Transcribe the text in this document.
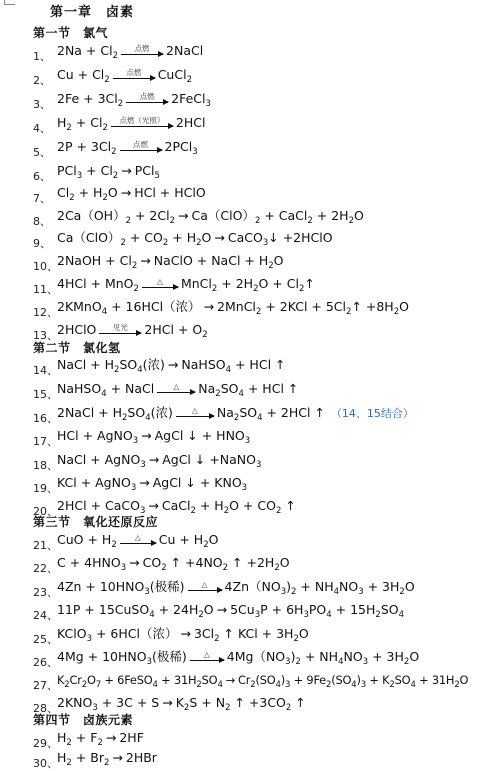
第一章　卤素
第一节　氯气
1、 $2Na + Cl_2$
点燃	2NaCl
2、 $Cu + Cl_2$
点燃	CuCl$_2$
3、 $2Fe + 3Cl_2$
点燃	2FeCl$_3$
4、 $H_2 + Cl_2$
点燃（光照） 2HCl
5、 $2P + 3Cl_2$
点燃	2PCl$_3$
6、 $PCl_3 + Cl_2 \to PCl_5$
7、 $Cl_2 + H_2O$ → HCl + HClO
8、 $2Ca(OH)_2 + 2Cl_2 \to Ca(ClO)_2$ + CaCl$_2$ + $2H_2O$
9、 $Ca(ClO)_2 + CO_2 + H_2O$ → CaCO$_3$↓ +2HClO
10、 2NaOH + $Cl_2$ → NaClO + NaCl + $H_2O$
11、 4HCl + MnO$_2$
△	MnCl$_2$ + $2H_2O$ + $Cl_2↑$
12、 2KMnO$_4$ + 16HCl（浓） → 2MnCl$_2$ + $2KCl + 5Cl_2↑ +8H_2O$
13、 2HClO	见光	$2HCl + O_2$
第二节　氯化氢
14、 NaCl + $H_2SO_4$(浓) → NaHSO$_4$ + HCl ↑
15、 NaHSO$_4$ + NaCl	△	$Na_2SO_4$ + HCl ↑
16、 2NaCl + $H_2SO_4$(浓)	△	$Na_2SO_4 + 2HCl$ ↑ （14、15结合）
17、 HCl + AgNO$_3$ → AgCl ↓ + $HNO_3$
18、 NaCl + AgNO$_3$ → AgCl ↓ +NaNO$_3$
19、 KCl + AgNO$_3$ → AgCl ↓ + $KNO_3$
20、 2HCl + CaCO$_3$ → CaCl$_2$ + $H_2O + CO_2$ ↑
第三节　氧化还原反应
21、 CuO + $H_2$
△	$Cu + H_2O$
22、 $C + 4HNO_3 \to CO_2$ ↑ $+4NO_2$ ↑ $+2H_2O$
23、 $4Zn + 10HNO_3$(极稀)	△	$4Zn(NO_3)_2 + NH_4NO_3 + 3H_2O$
24、 11P + 15CuSO$_4$ + $24H_2O \to 5Cu_3P + 6H_3PO_4 + 15H_2SO_4$
25、 KClO$_3$ + 6HCl（浓） → $3Cl_2$ ↑ KCl + $3H_2O$
26、 $4Mg + 10HNO_3$(极稀)	△	$4Mg(NO_3)_2 + NH_4NO_3 + 3H_2O$
27、 $K_2Cr_2O_7$ + 6FeSO$_4$ + $31H_2SO_4 \to Cr_2(SO_4)_3 + 9Fe_2(SO_4)_3 + K_2SO_4 + 31H_2O$
28、 $2KNO_3 + 3C + S \to K_2S + N_2$ ↑ $+3CO_2$ ↑
第四节　卤族元素
29、 $H_2 + F_2 \to 2HF$
30、 $H_2 + Br_2 \to 2HBr$
